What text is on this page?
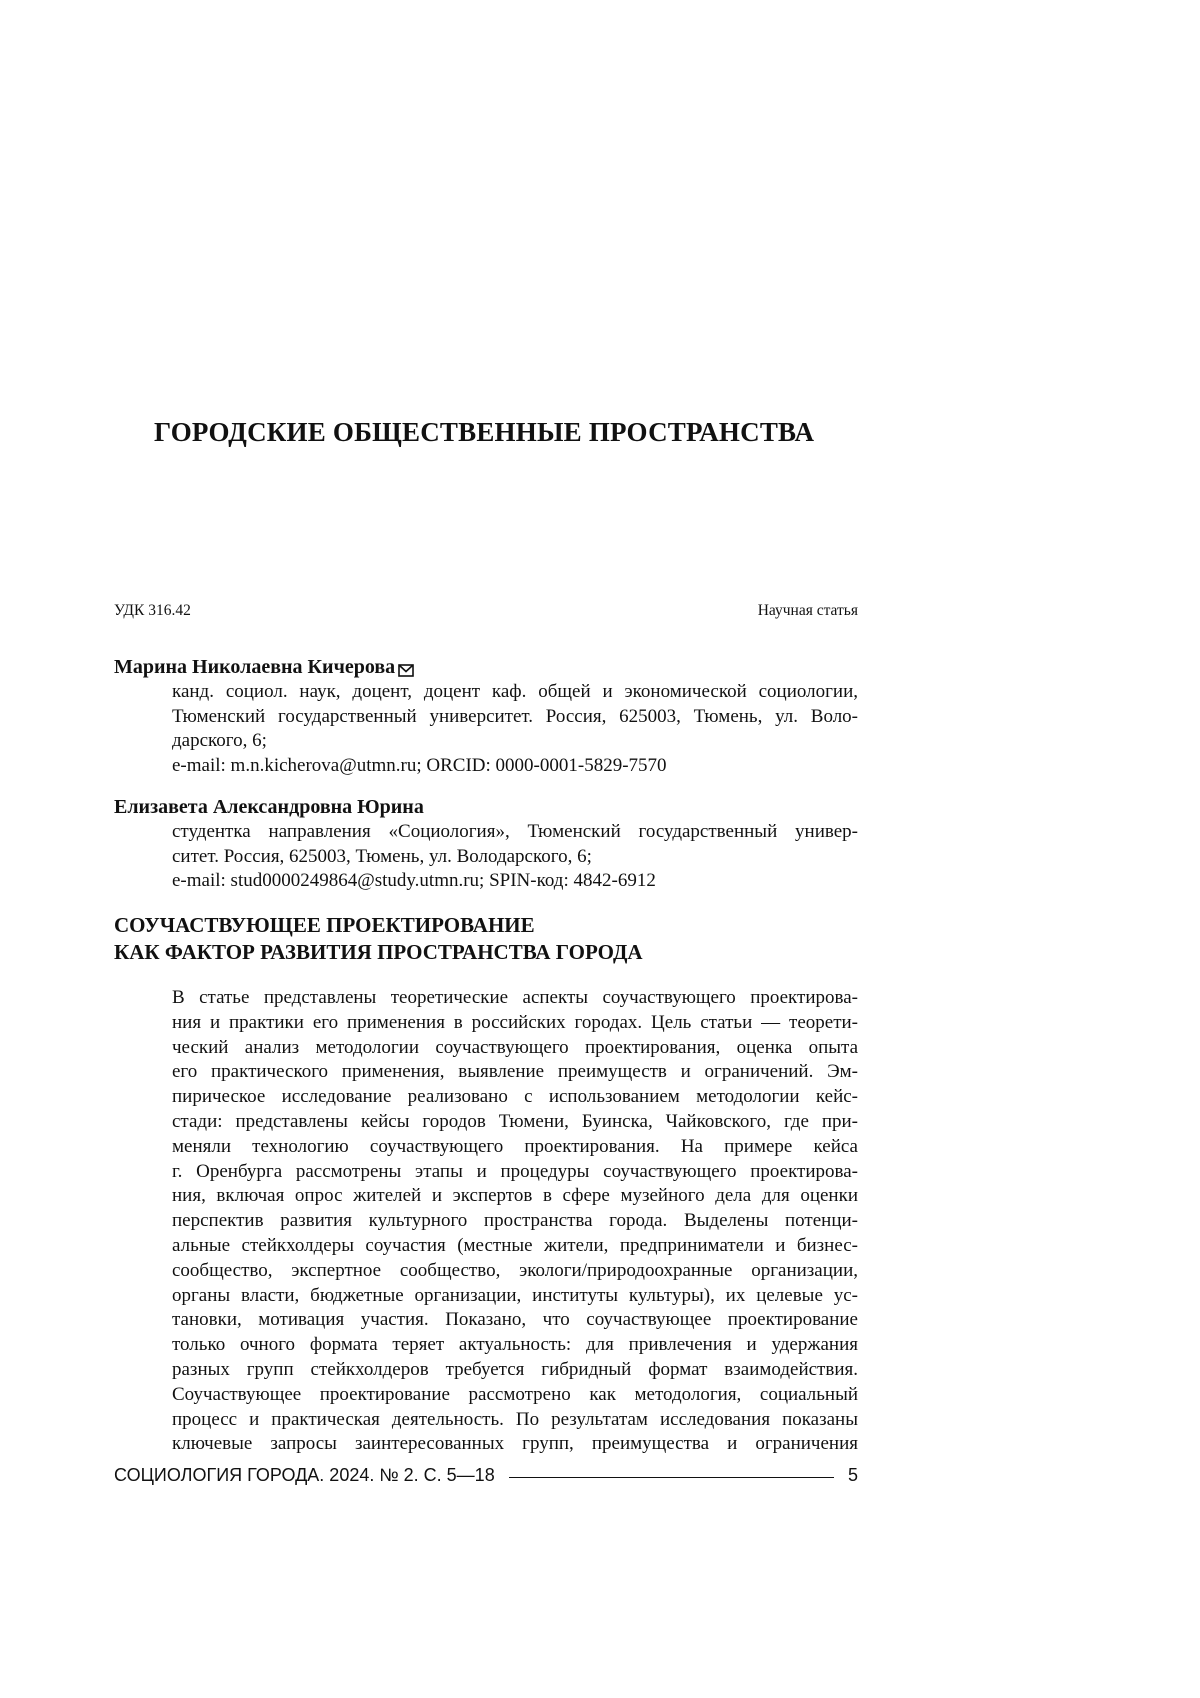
ГОРОДСКИЕ ОБЩЕСТВЕННЫЕ ПРОСТРАНСТВА
УДК 316.42	Научная статья
Марина Николаевна Кичерова
канд. социол. наук, доцент, доцент каф. общей и экономической социологии,
Тюменский государственный университет. Россия, 625003, Тюмень, ул. Воло-
дарского, 6;
e-mail: m.n.kicherova@utmn.ru; ORCID: 0000-0001-5829-7570
Елизавета Александровна Юрина
студентка направления «Социология», Тюменский государственный универ-
ситет. Россия, 625003, Тюмень, ул. Володарского, 6;
e-mail: stud0000249864@study.utmn.ru; SPIN-код: 4842-6912
СОУЧАСТВУЮЩЕЕ ПРОЕКТИРОВАНИЕ
КАК ФАКТОР РАЗВИТИЯ ПРОСТРАНСТВА ГОРОДА
В статье представлены теоретические аспекты соучаствующего проектирова-
ния и практики его применения в российских городах. Цель статьи — теорети-
ческий анализ методологии соучаствующего проектирования, оценка опыта
его практического применения, выявление преимуществ и ограничений. Эм-
пирическое исследование реализовано с использованием методологии кейс-
стади: представлены кейсы городов Тюмени, Буинска, Чайковского, где при-
меняли технологию соучаствующего проектирования. На примере кейса
г. Оренбурга рассмотрены этапы и процедуры соучаствующего проектирова-
ния, включая опрос жителей и экспертов в сфере музейного дела для оценки
перспектив развития культурного пространства города. Выделены потенци-
альные стейкхолдеры соучастия (местные жители, предприниматели и бизнес-
сообщество, экспертное сообщество, экологи/природоохранные организации,
органы власти, бюджетные организации, институты культуры), их целевые ус-
тановки, мотивация участия. Показано, что соучаствующее проектирование
только очного формата теряет актуальность: для привлечения и удержания
разных групп стейкхолдеров требуется гибридный формат взаимодействия.
Соучаствующее проектирование рассмотрено как методология, социальный
процесс и практическая деятельность. По результатам исследования показаны
ключевые запросы заинтересованных групп, преимущества и ограничения
СОЦИОЛОГИЯ ГОРОДА. 2024. № 2. С. 5—18	5
